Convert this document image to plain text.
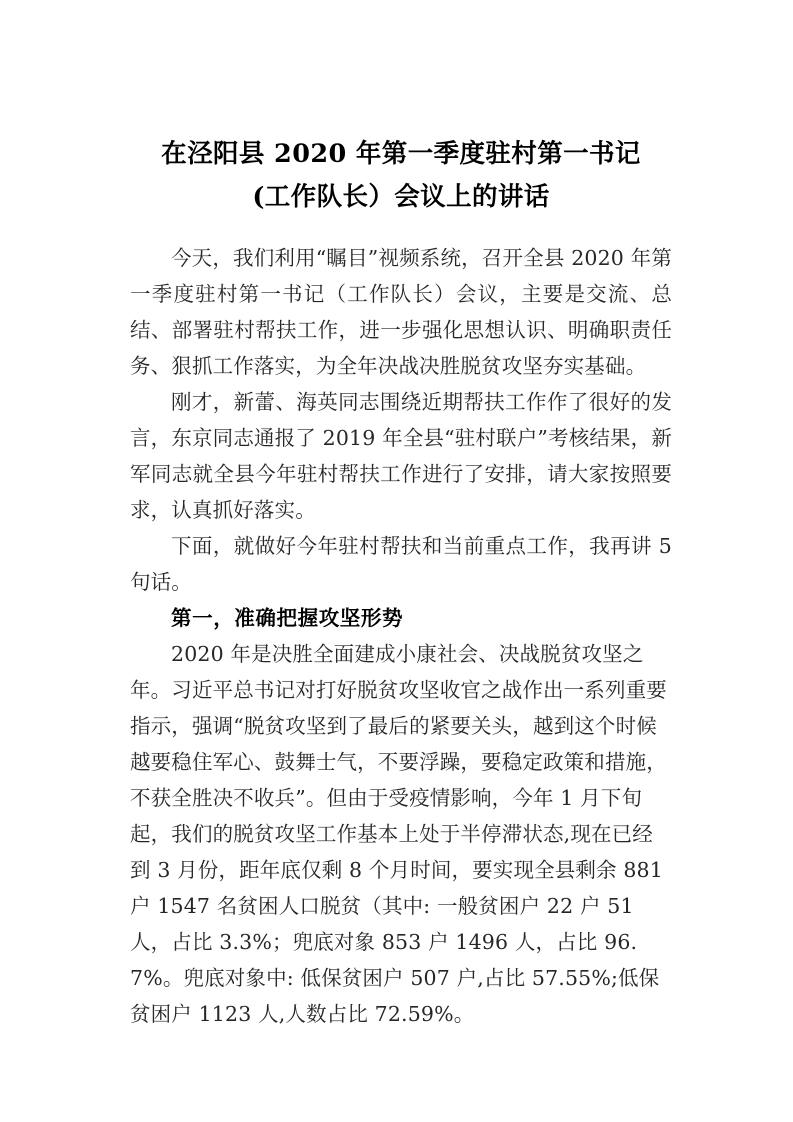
在泾阳县 2020 年第一季度驻村第一书记
(工作队长）会议上的讲话

今天，我们利用“瞩目”视频系统，召开全县 2020 年第一季度驻村第一书记（工作队长）会议，主要是交流、总结、部署驻村帮扶工作，进一步强化思想认识、明确职责任务、狠抓工作落实，为全年决战决胜脱贫攻坚夯实基础。

刚才，新蕾、海英同志围绕近期帮扶工作作了很好的发言，东京同志通报了 2019 年全县“驻村联户”考核结果，新军同志就全县今年驻村帮扶工作进行了安排，请大家按照要求，认真抓好落实。

下面，就做好今年驻村帮扶和当前重点工作，我再讲 5 句话。

第一，准确把握攻坚形势

2020 年是决胜全面建成小康社会、决战脱贫攻坚之年。习近平总书记对打好脱贫攻坚收官之战作出一系列重要指示，强调“脱贫攻坚到了最后的紧要关头，越到这个时候越要稳住军心、鼓舞士气，不要浮躁，要稳定政策和措施，不获全胜决不收兵”。但由于受疫情影响，今年 1 月下旬起，我们的脱贫攻坚工作基本上处于半停滞状态,现在已经到 3 月份，距年底仅剩 8 个月时间，要实现全县剩余 881 户 1547 名贫困人口脱贫（其中: 一般贫困户 22 户 51 人，占比 3.3%；兜底对象 853 户 1496 人，占比 96.7%。兜底对象中: 低保贫困户 507 户,占比 57.55%;低保贫困户 1123 人,人数占比 72.59%。
